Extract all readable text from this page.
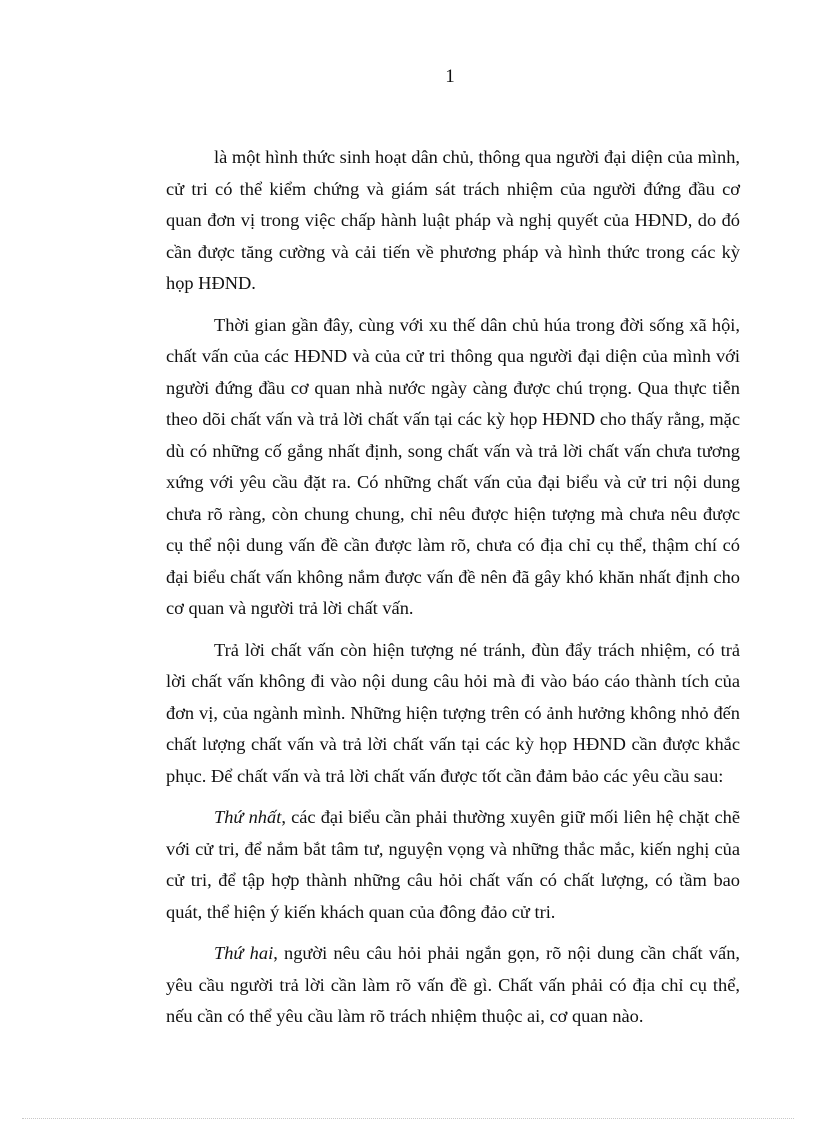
1

là một hình thức sinh hoạt dân chủ, thông qua người đại diện của mình, cử tri có thể kiểm chứng và giám sát trách nhiệm của người đứng đầu cơ quan đơn vị trong việc chấp hành luật pháp và nghị quyết của HĐND, do đó cần được tăng cường và cải tiến về phương pháp và hình thức trong các kỳ họp HĐND.

Thời gian gần đây, cùng với xu thế dân chủ húa trong đời sống xã hội, chất vấn của các HĐND và của cử tri thông qua người đại diện của mình với người đứng đầu cơ quan nhà nước ngày càng được chú trọng. Qua thực tiễn theo dõi chất vấn và trả lời chất vấn tại các kỳ họp HĐND cho thấy rằng, mặc dù có những cố gắng nhất định, song chất vấn và trả lời chất vấn chưa tương xứng với yêu cầu đặt ra. Có những chất vấn của đại biểu và cử tri nội dung chưa rõ ràng, còn chung chung, chỉ nêu được hiện tượng mà chưa nêu được cụ thể nội dung vấn đề cần được làm rõ, chưa có địa chỉ cụ thể, thậm chí có đại biểu chất vấn không nắm được vấn đề nên đã gây khó khăn nhất định cho cơ quan và người trả lời chất vấn.

Trả lời chất vấn còn hiện tượng né tránh, đùn đẩy trách nhiệm, có trả lời chất vấn không đi vào nội dung câu hỏi mà đi vào báo cáo thành tích của đơn vị, của ngành mình. Những hiện tượng trên có ảnh hưởng không nhỏ đến chất lượng chất vấn và trả lời chất vấn tại các kỳ họp HĐND cần được khắc phục. Để chất vấn và trả lời chất vấn được tốt cần đảm bảo các yêu cầu sau:

Thứ nhất, các đại biểu cần phải thường xuyên giữ mối liên hệ chặt chẽ với cử tri, để nắm bắt tâm tư, nguyện vọng và những thắc mắc, kiến nghị của cử tri, để tập hợp thành những câu hỏi chất vấn có chất lượng, có tầm bao quát, thể hiện ý kiến khách quan của đông đảo cử tri.

Thứ hai, người nêu câu hỏi phải ngắn gọn, rõ nội dung cần chất vấn, yêu cầu người trả lời cần làm rõ vấn đề gì. Chất vấn phải có địa chỉ cụ thể, nếu cần có thể yêu cầu làm rõ trách nhiệm thuộc ai, cơ quan nào.
